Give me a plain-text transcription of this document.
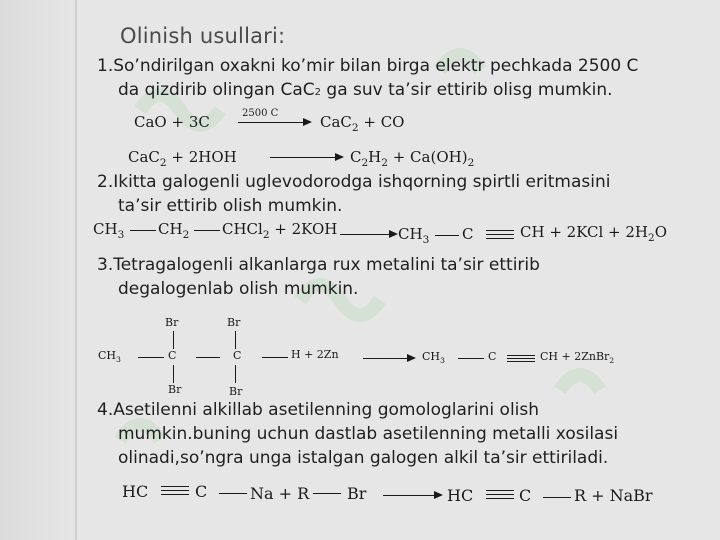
Olinish usullari:
1.So’ndirilgan oxakni ko’mir bilan birga elektr pechkada 2500 C
da qizdirib olingan CaC2 ga suv ta’sir ettirib olisg mumkin.
CaO + 3C	2500 C	CaC$_2$ + CO
CaC$_2$ + 2HOH	$C_2H_2 + Ca(OH)_2$
2.Ikitta galogenli uglevodorodga ishqorning spirtli eritmasini
ta’sir ettirib olish mumkin.
$CH_3$ $CH_2$ CHCl$_2$ + 2KOH	$CH_3$ C	CH + $2KCl + 2H_2O$
3.Tetragalogenli alkanlarga rux metalini ta’sir ettirib
degalogenlab olish mumkin.
Br	Br
$CH_3$	C	C	H + 2Zn
Br	Br
$CH_3$	C	CH + 2ZnBr$_2$
4.Asetilenni alkillab asetilenning gomologlarini olish
mumkin.buning uchun dastlab asetilenning metalli xosilasi
olinadi,so’ngra unga istalgan galogen alkil ta’sir ettiriladi.
HC	C	Na + R Br	HC	C	R + NaBr
